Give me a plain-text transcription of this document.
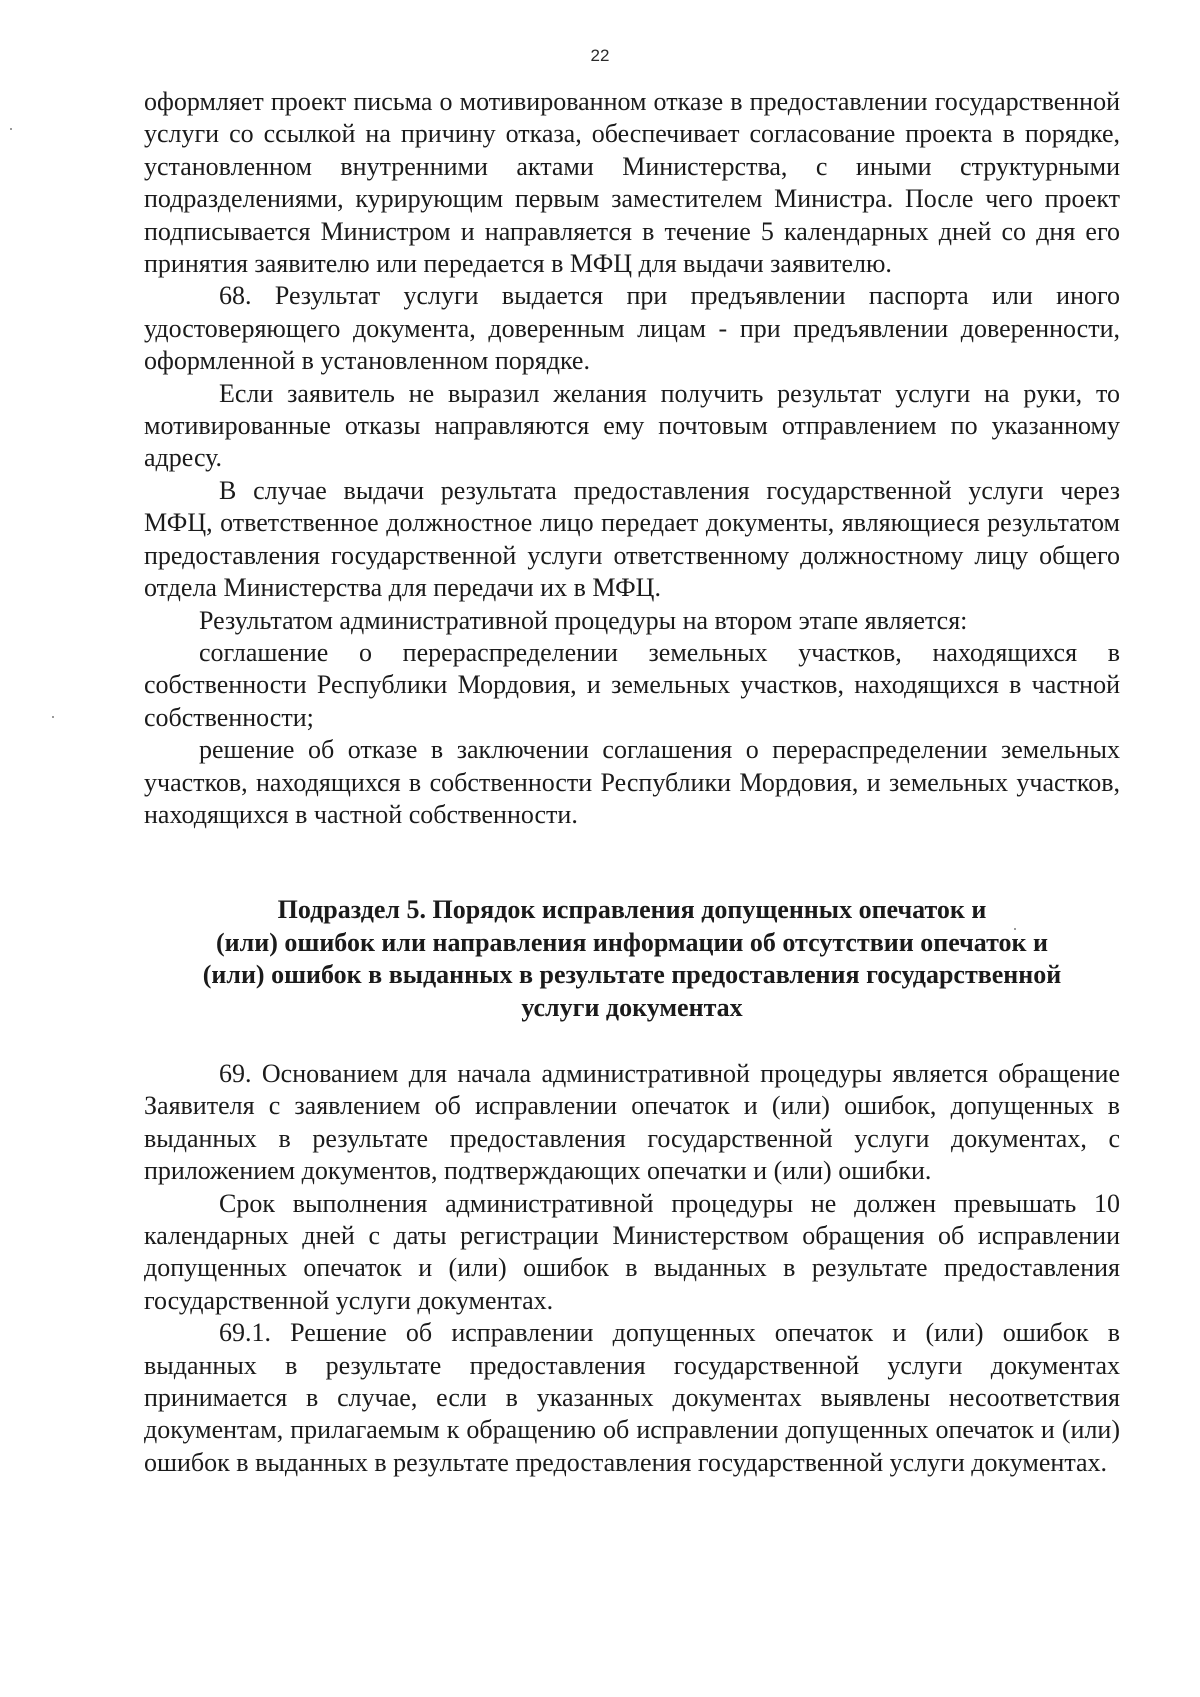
22

оформляет проект письма о мотивированном отказе в предоставлении государственной услуги со ссылкой на причину отказа, обеспечивает согласование проекта в порядке, установленном внутренними актами Министерства, с иными структурными подразделениями, курирующим первым заместителем Министра. После чего проект подписывается Министром и направляется в течение 5 календарных дней со дня его принятия заявителю или передается в МФЦ для выдачи заявителю.

68. Результат услуги выдается при предъявлении паспорта или иного удостоверяющего документа, доверенным лицам - при предъявлении доверенности, оформленной в установленном порядке.

Если заявитель не выразил желания получить результат услуги на руки, то мотивированные отказы направляются ему почтовым отправлением по указанному адресу.

В случае выдачи результата предоставления государственной услуги через МФЦ, ответственное должностное лицо передает документы, являющиеся результатом предоставления государственной услуги ответственному должностному лицу общего отдела Министерства для передачи их в МФЦ.

Результатом административной процедуры на втором этапе является:

соглашение о перераспределении земельных участков, находящихся в собственности Республики Мордовия, и земельных участков, находящихся в частной собственности;

решение об отказе в заключении соглашения о перераспределении земельных участков, находящихся в собственности Республики Мордовия, и земельных участков, находящихся в частной собственности.

Подраздел 5. Порядок исправления допущенных опечаток и
(или) ошибок или направления информации об отсутствии опечаток и
(или) ошибок в выданных в результате предоставления государственной
услуги документах

69. Основанием для начала административной процедуры является обращение Заявителя с заявлением об исправлении опечаток и (или) ошибок, допущенных в выданных в результате предоставления государственной услуги документах, с приложением документов, подтверждающих опечатки и (или) ошибки.

Срок выполнения административной процедуры не должен превышать 10 календарных дней с даты регистрации Министерством обращения об исправлении допущенных опечаток и (или) ошибок в выданных в результате предоставления государственной услуги документах.

69.1. Решение об исправлении допущенных опечаток и (или) ошибок в выданных в результате предоставления государственной услуги документах принимается в случае, если в указанных документах выявлены несоответствия документам, прилагаемым к обращению об исправлении допущенных опечаток и (или) ошибок в выданных в результате предоставления государственной услуги документах.
